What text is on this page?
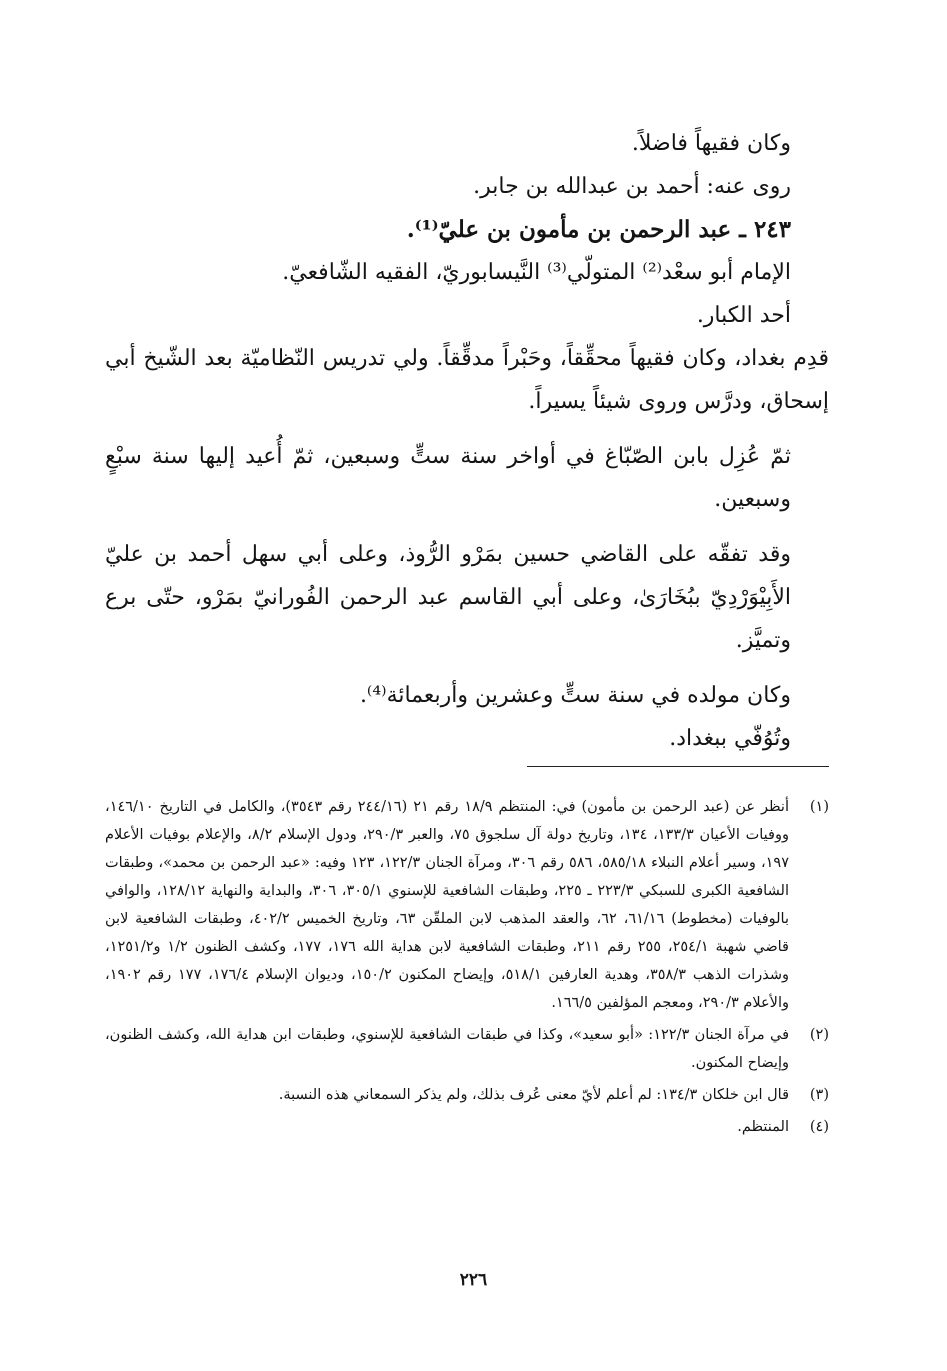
وكان فقيهاً فاضلاً.

روى عنه: أحمد بن عبدالله بن جابر.

٢٤٣ ـ عبد الرحمن بن مأمون بن عليّ⁽¹⁾.

الإمام أبو سعْد⁽²⁾ المتولّي⁽³⁾ النَّيسابوريّ، الفقيه الشّافعيّ.

أحد الكبار.

قدِم بغداد، وكان فقيهاً محقِّقاً، وحَبْراً مدقِّقاً. ولي تدريس النّظاميّة بعد الشّيخ أبي إسحاق، ودرَّس وروى شيئاً يسيراً.

ثمّ عُزِل بابن الصّبّاغ في أواخر سنة ستٍّ وسبعين، ثمّ أُعيد إليها سنة سبْعٍ وسبعين.

وقد تفقّه على القاضي حسين بمَرْو الرُّوذ، وعلى أبي سهل أحمد بن عليّ الأَبِيْوَرْدِيّ ببُخَارَىٰ، وعلى أبي القاسم عبد الرحمن الفُورانيّ بمَرْو، حتّى برع وتميَّز.

وكان مولده في سنة ستٍّ وعشرين وأربعمائة⁽⁴⁾.

وتُوُفّي ببغداد.

(١)
أنظر عن (عبد الرحمن بن مأمون) في: المنتظم ١٨/٩ رقم ٢١ (٢٤٤/١٦ رقم ٣٥٤٣)، والكامل في التاريخ ١٤٦/١٠، ووفيات الأعيان ١٣٣/٣، ١٣٤، وتاريخ دولة آل سلجوق ٧٥، والعبر ٢٩٠/٣، ودول الإسلام ٨/٢، والإعلام بوفيات الأعلام ١٩٧، وسير أعلام النبلاء ٥٨٥/١٨، ٥٨٦ رقم ٣٠٦، ومرآة الجنان ١٢٢/٣، ١٢٣ وفيه: «عبد الرحمن بن محمد»، وطبقات الشافعية الكبرى للسبكي ٢٢٣/٣ ـ ٢٢٥، وطبقات الشافعية للإسنوي ٣٠٥/١، ٣٠٦، والبداية والنهاية ١٢٨/١٢، والوافي بالوفيات (مخطوط) ٦١/١٦، ٦٢، والعقد المذهب لابن الملقّن ٦٣، وتاريخ الخميس ٤٠٢/٢، وطبقات الشافعية لابن قاضي شهبة ٢٥٤/١، ٢٥٥ رقم ٢١١، وطبقات الشافعية لابن هداية الله ١٧٦، ١٧٧، وكشف الظنون ١/٢ و١٢٥١/٢، وشذرات الذهب ٣٥٨/٣، وهدية العارفين ٥١٨/١، وإيضاح المكنون ١٥٠/٢، وديوان الإسلام ١٧٦/٤، ١٧٧ رقم ١٩٠٢، والأعلام ٢٩٠/٣، ومعجم المؤلفين ١٦٦/٥.
(٢)
في مرآة الجنان ١٢٢/٣: «أبو سعيد»، وكذا في طبقات الشافعية للإسنوي، وطبقات ابن هداية الله، وكشف الظنون، وإيضاح المكنون.
(٣)
قال ابن خلكان ١٣٤/٣: لم أعلم لأيّ معنى عُرف بذلك، ولم يذكر السمعاني هذه النسبة.
(٤)
المنتظم.
٢٢٦
